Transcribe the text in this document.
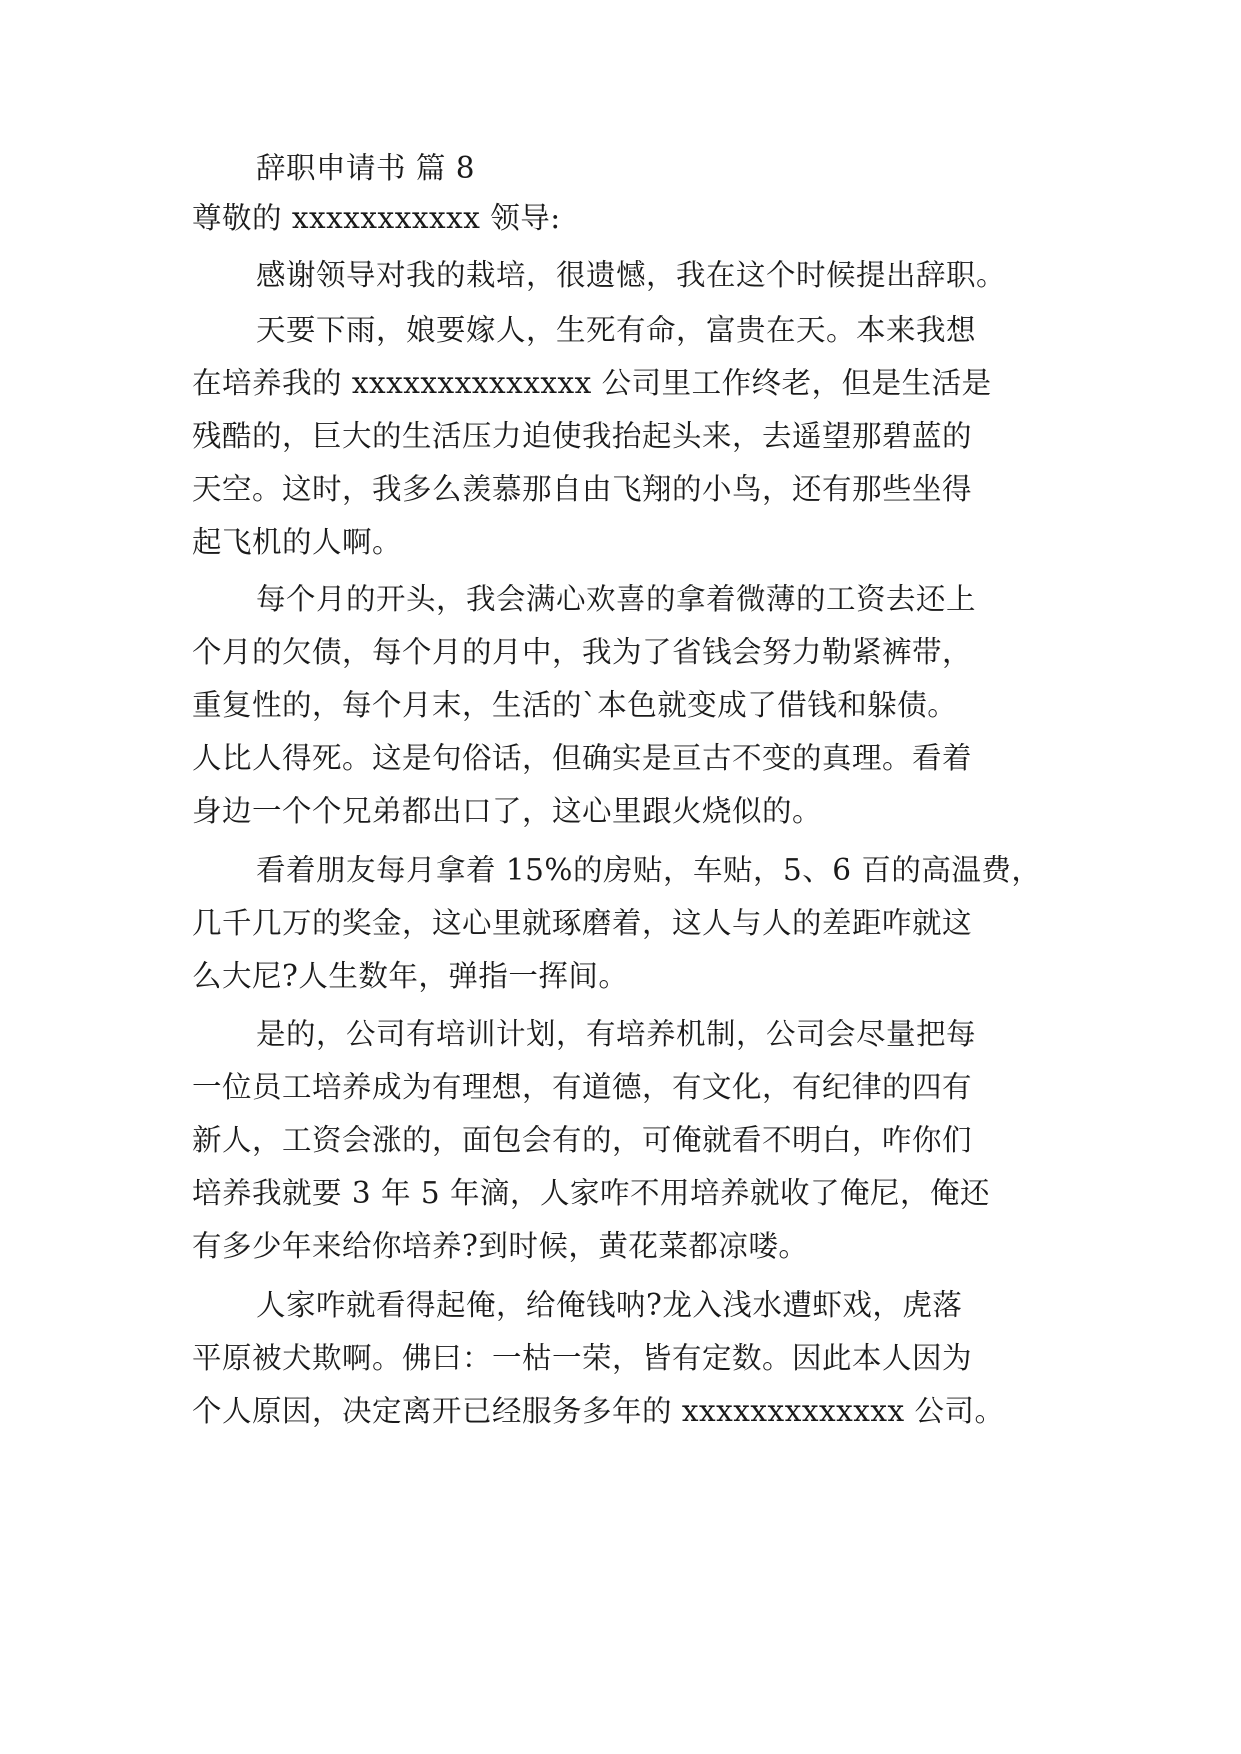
辞职申请书 篇 8
尊敬的 xxxxxxxxxxx 领导:
感谢领导对我的栽培，很遗憾，我在这个时候提出辞职。
天要下雨，娘要嫁人，生死有命，富贵在天。本来我想
在培养我的 xxxxxxxxxxxxxx 公司里工作终老，但是生活是
残酷的，巨大的生活压力迫使我抬起头来，去遥望那碧蓝的
天空。这时，我多么羡慕那自由飞翔的小鸟，还有那些坐得
起飞机的人啊。
每个月的开头，我会满心欢喜的拿着微薄的工资去还上
个月的欠债，每个月的月中，我为了省钱会努力勒紧裤带，
重复性的，每个月末，生活的`本色就变成了借钱和躲债。
人比人得死。这是句俗话，但确实是亘古不变的真理。看着
身边一个个兄弟都出口了，这心里跟火烧似的。
看着朋友每月拿着 15%的房贴，车贴，5、6 百的高温费，
几千几万的奖金，这心里就琢磨着，这人与人的差距咋就这
么大尼?人生数年，弹指一挥间。
是的，公司有培训计划，有培养机制，公司会尽量把每
一位员工培养成为有理想，有道德，有文化，有纪律的四有
新人，工资会涨的，面包会有的，可俺就看不明白，咋你们
培养我就要 3 年 5 年滴，人家咋不用培养就收了俺尼，俺还
有多少年来给你培养?到时候，黄花菜都凉喽。
人家咋就看得起俺，给俺钱呐?龙入浅水遭虾戏，虎落
平原被犬欺啊。佛曰：一枯一荣，皆有定数。因此本人因为
个人原因，决定离开已经服务多年的 xxxxxxxxxxxxx 公司。
